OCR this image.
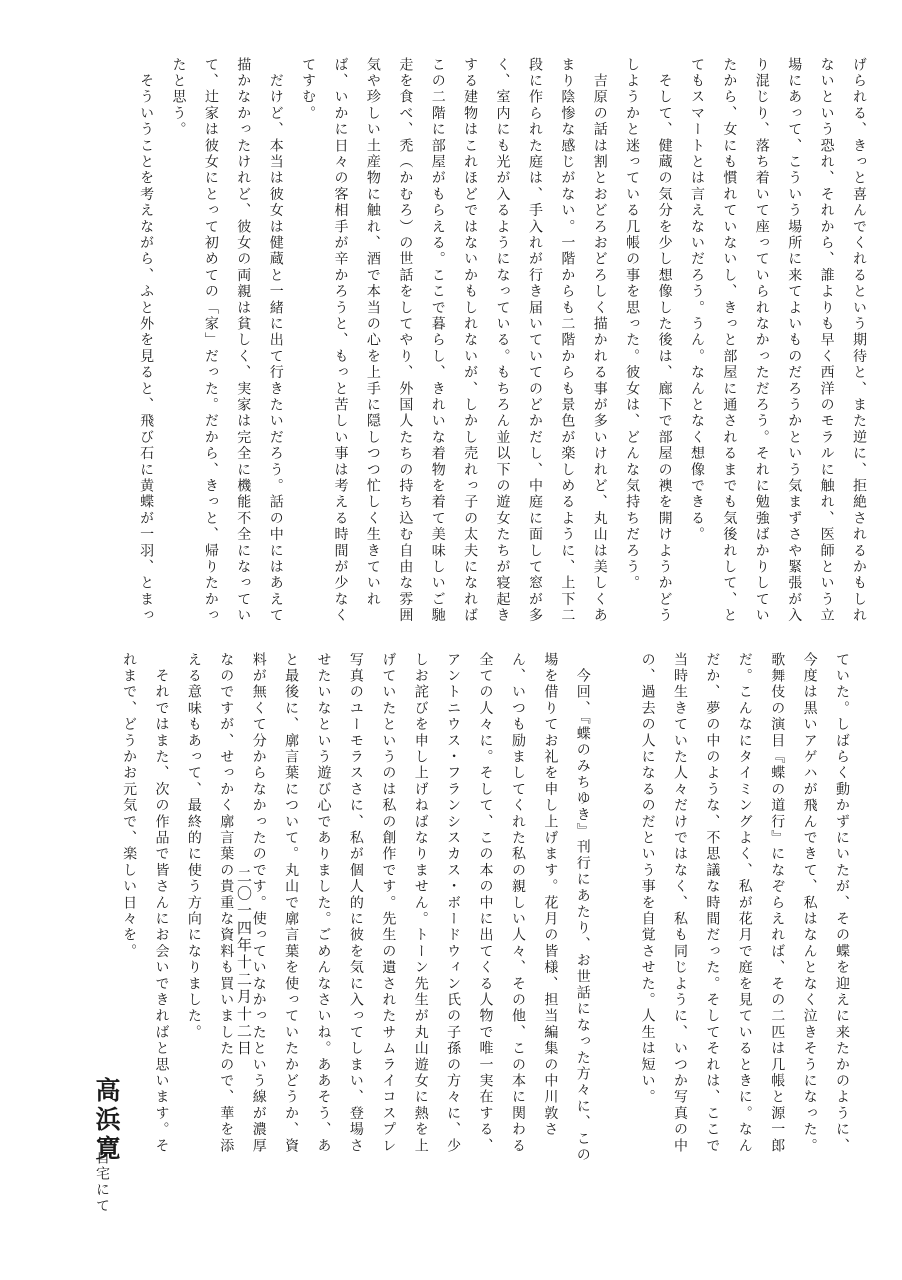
げられる、きっと喜んでくれるという期待と、また逆に、拒絶されるかもしれないという恐れ、それから、誰よりも早く西洋のモラルに触れ、医師という立場にあって、こういう場所に来てよいものだろうかという気まずさや緊張が入り混じり、落ち着いて座っていられなかっただろう。それに勉強ばかりしていたから、女にも慣れていないし、きっと部屋に通されるまでも気後れして、とてもスマートとは言えないだろう。うん。なんとなく想像できる。
　そして、健蔵の気分を少し想像した後は、廊下で部屋の襖を開けようかどうしようかと迷っている几帳の事を思った。彼女は、どんな気持ちだろう。
　吉原の話は割とおどろおどろしく描かれる事が多いけれど、丸山は美しくあまり陰惨な感じがない。一階からも二階からも景色が楽しめるように、上下二段に作られた庭は、手入れが行き届いていてのどかだし、中庭に面して窓が多く、室内にも光が入るようになっている。もちろん並以下の遊女たちが寝起きする建物はこれほどではないかもしれないが、しかし売れっ子の太夫になればこの二階に部屋がもらえる。ここで暮らし、きれいな着物を着て美味しいご馳走を食べ、禿（かむろ）の世話をしてやり、外国人たちの持ち込む自由な雰囲気や珍しい土産物に触れ、酒で本当の心を上手に隠しつつ忙しく生きていれば、いかに日々の客相手が辛かろうと、もっと苦しい事は考える時間が少なくてすむ。
　だけど、本当は彼女は健蔵と一緒に出て行きたいだろう。話の中にはあえて描かなかったけれど、彼女の両親は貧しく、実家は完全に機能不全になっていて、辻家は彼女にとって初めての「家」だった。だから、きっと、帰りたかったと思う。
　そういうことを考えながら、ふと外を見ると、飛び石に黄蝶が一羽、とまっ
ていた。しばらく動かずにいたが、その蝶を迎えに来たかのように、今度は黒いアゲハが飛んできて、私はなんとなく泣きそうになった。歌舞伎の演目『蝶の道行』になぞらえれば、その二匹は几帳と源一郎だ。こんなにタイミングよく、私が花月で庭を見ているときに。なんだか、夢の中のような、不思議な時間だった。そしてそれは、ここで当時生きていた人々だけではなく、私も同じように、いつか写真の中の、過去の人になるのだという事を自覚させた。人生は短い。

　今回、『蝶のみちゆき』刊行にあたり、お世話になった方々に、この場を借りてお礼を申し上げます。花月の皆様、担当編集の中川敦さん、いつも励ましてくれた私の親しい人々、その他、この本に関わる全ての人々に。そして、この本の中に出てくる人物で唯一実在する、アントニウス・フランシスカス・ボードウィン氏の子孫の方々に、少しお詫びを申し上げねばなりません。トーン先生が丸山遊女に熱を上げていたというのは私の創作です。先生の遺されたサムライコスプレ写真のユーモラスさに、私が個人的に彼を気に入ってしまい、登場させたいなという遊び心でありました。ごめんなさいね。ああそう、あと最後に、廓言葉について。丸山で廓言葉を使っていたかどうか、資料が無くて分からなかったのです。使っていなかったという線が濃厚なのですが、せっかく廓言葉の貴重な資料も買いましたので、華を添える意味もあって、最終的に使う方向になりました。
　それではまた、次の作品で皆さんにお会いできればと思います。それまで、どうかお元気で、楽しい日々を。
二〇一四年十二月十二日
高浜寛
自宅にて
